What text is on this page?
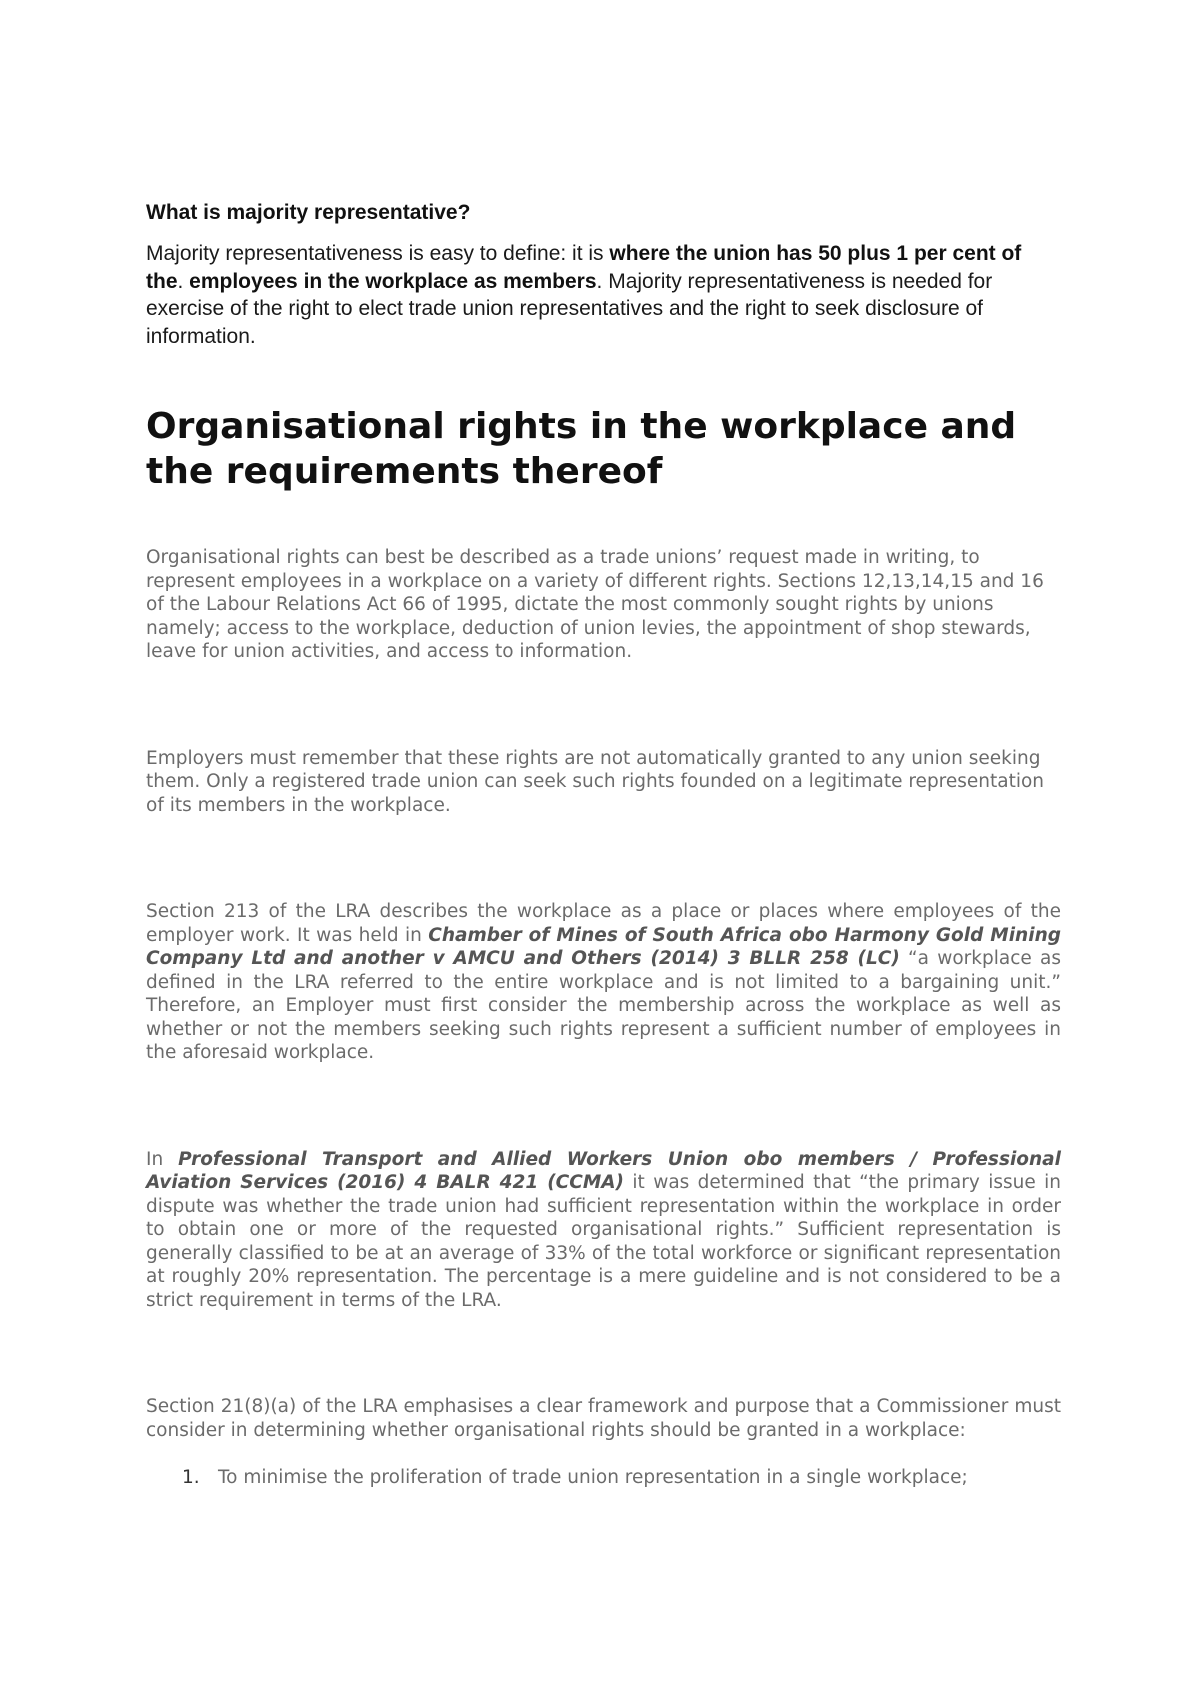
What is majority representative?

Majority representativeness is easy to define: it is where the union has 50 plus 1 per cent of the. employees in the workplace as members. Majority representativeness is needed for exercise of the right to elect trade union representatives and the right to seek disclosure of information.

Organisational rights in the workplace and the requirements thereof

Organisational rights can best be described as a trade unions’ request made in writing, to represent employees in a workplace on a variety of different rights. Sections 12,13,14,15 and 16 of the Labour Relations Act 66 of 1995, dictate the most commonly sought rights by unions namely; access to the workplace, deduction of union levies, the appointment of shop stewards, leave for union activities, and access to information.

Employers must remember that these rights are not automatically granted to any union seeking them. Only a registered trade union can seek such rights founded on a legitimate representation of its members in the workplace.

Section 213 of the LRA describes the workplace as a place or places where employees of the employer work. It was held in Chamber of Mines of South Africa obo Harmony Gold Mining Company Ltd and another v AMCU and Others (2014) 3 BLLR 258 (LC) “a workplace as defined in the LRA referred to the entire workplace and is not limited to a bargaining unit.” Therefore, an Employer must first consider the membership across the workplace as well as whether or not the members seeking such rights represent a sufficient number of employees in the aforesaid workplace.

In Professional Transport and Allied Workers Union obo members / Professional Aviation Services (2016) 4 BALR 421 (CCMA) it was determined that “the primary issue in dispute was whether the trade union had sufficient representation within the workplace in order to obtain one or more of the requested organisational rights.” Sufficient representation is generally classified to be at an average of 33% of the total workforce or significant representation at roughly 20% representation. The percentage is a mere guideline and is not considered to be a strict requirement in terms of the LRA.

Section 21(8)(a) of the LRA emphasises a clear framework and purpose that a Commissioner must consider in determining whether organisational rights should be granted in a workplace:

1. To minimise the proliferation of trade union representation in a single workplace;
